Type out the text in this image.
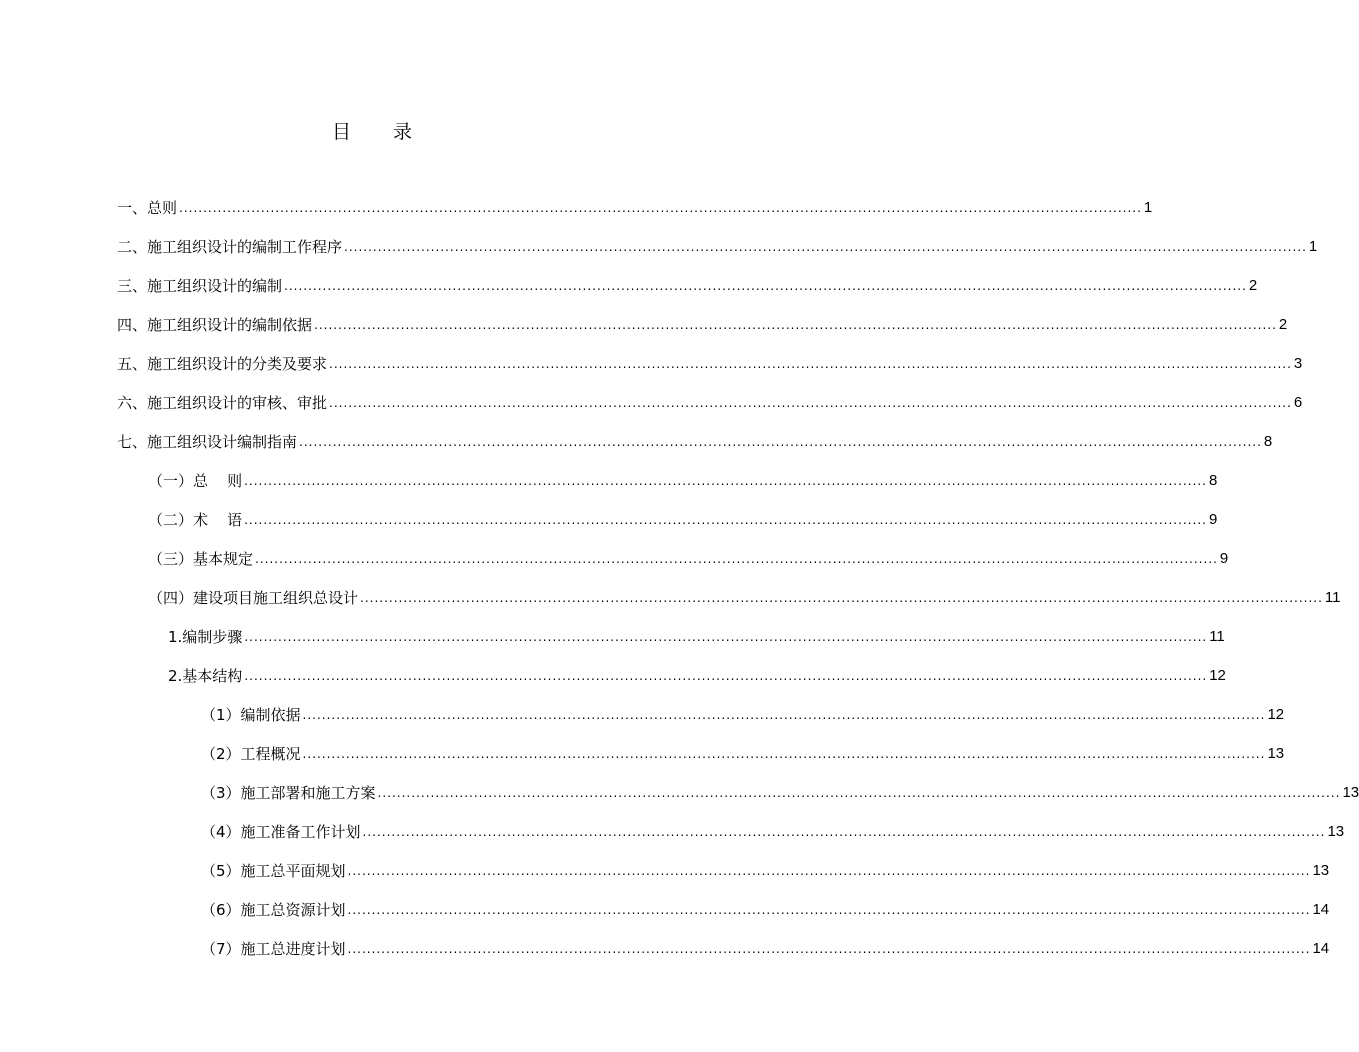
目 录
一、总则 ........................................................................................................................................................................................................ 1
二、施工组织设计的编制工作程序 ........................................................................................................................................................................................................ 1
三、施工组织设计的编制 ........................................................................................................................................................................................................ 2
四、施工组织设计的编制依据 ........................................................................................................................................................................................................ 2
五、施工组织设计的分类及要求 ........................................................................................................................................................................................................ 3
六、施工组织设计的审核、审批 ........................................................................................................................................................................................................ 6
七、施工组织设计编制指南 ........................................................................................................................................................................................................ 8
（一）总    则 ........................................................................................................................................................................................................ 8
（二）术    语 ........................................................................................................................................................................................................ 9
（三）基本规定 ........................................................................................................................................................................................................ 9
（四）建设项目施工组织总设计 ........................................................................................................................................................................................................ 11
1.编制步骤 ........................................................................................................................................................................................................ 11
2.基本结构 ........................................................................................................................................................................................................ 12
（1）编制依据 ........................................................................................................................................................................................................ 12
（2）工程概况 ........................................................................................................................................................................................................ 13
（3）施工部署和施工方案 ........................................................................................................................................................................................................ 13
（4）施工准备工作计划 ........................................................................................................................................................................................................ 13
（5）施工总平面规划 ........................................................................................................................................................................................................ 13
（6）施工总资源计划 ........................................................................................................................................................................................................ 14
（7）施工总进度计划 ........................................................................................................................................................................................................ 14
